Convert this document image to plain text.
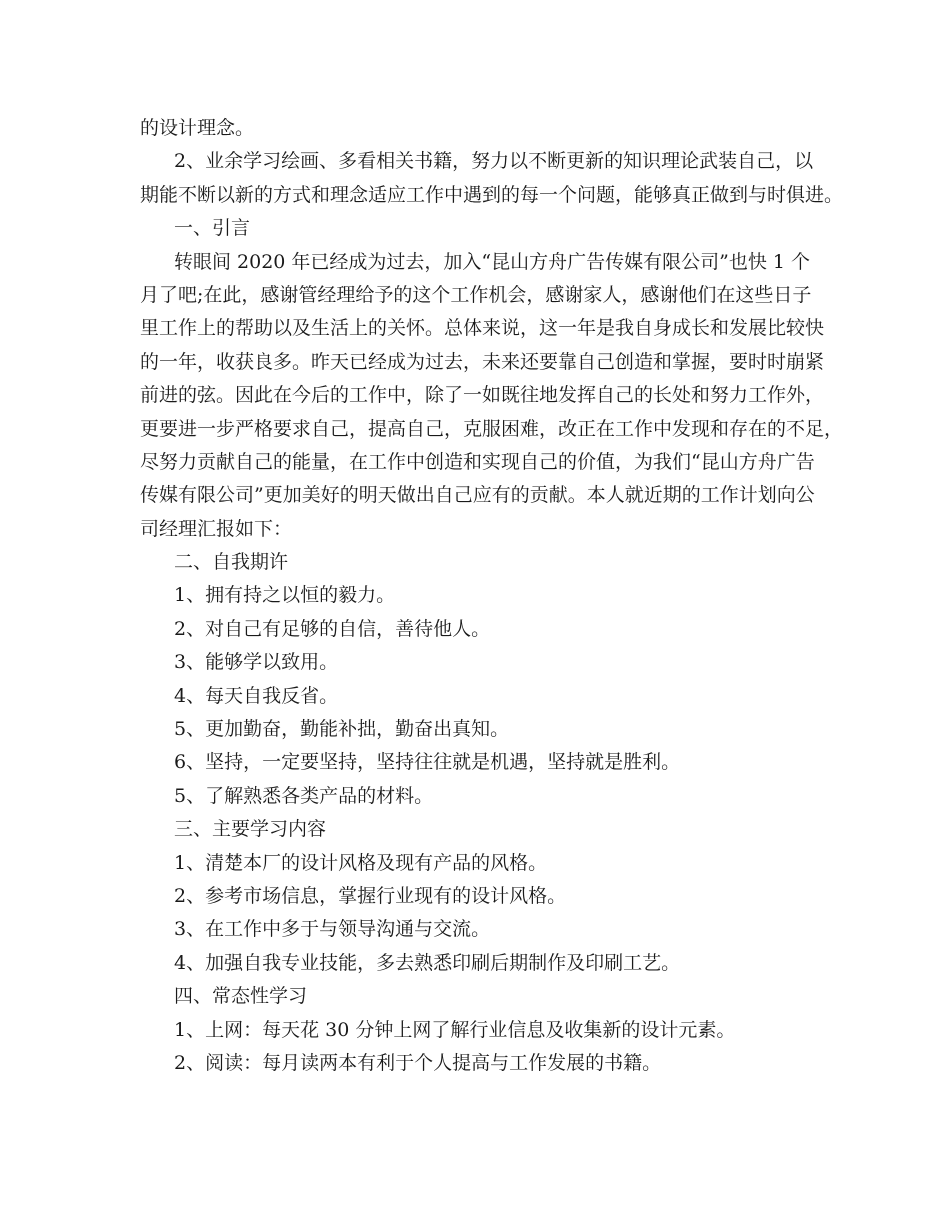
的设计理念。
2、业余学习绘画、多看相关书籍，努力以不断更新的知识理论武装自己，以
期能不断以新的方式和理念适应工作中遇到的每一个问题，能够真正做到与时俱进。
一、引言
转眼间 2020 年已经成为过去，加入“昆山方舟广告传媒有限公司”也快 1 个
月了吧;在此，感谢管经理给予的这个工作机会，感谢家人，感谢他们在这些日子
里工作上的帮助以及生活上的关怀。总体来说，这一年是我自身成长和发展比较快
的一年，收获良多。昨天已经成为过去，未来还要靠自己创造和掌握，要时时崩紧
前进的弦。因此在今后的工作中，除了一如既往地发挥自己的长处和努力工作外，
更要进一步严格要求自己，提高自己，克服困难，改正在工作中发现和存在的不足，
尽努力贡献自己的能量，在工作中创造和实现自己的价值，为我们“昆山方舟广告
传媒有限公司”更加美好的明天做出自己应有的贡献。本人就近期的工作计划向公
司经理汇报如下：
二、自我期许
1、拥有持之以恒的毅力。
2、对自己有足够的自信，善待他人。
3、能够学以致用。
4、每天自我反省。
5、更加勤奋，勤能补拙，勤奋出真知。
6、坚持，一定要坚持，坚持往往就是机遇，坚持就是胜利。
5、了解熟悉各类产品的材料。
三、主要学习内容
1、清楚本厂的设计风格及现有产品的风格。
2、参考市场信息，掌握行业现有的设计风格。
3、在工作中多于与领导沟通与交流。
4、加强自我专业技能，多去熟悉印刷后期制作及印刷工艺。
四、常态性学习
1、上网：每天花 30 分钟上网了解行业信息及收集新的设计元素。
2、阅读：每月读两本有利于个人提高与工作发展的书籍。
